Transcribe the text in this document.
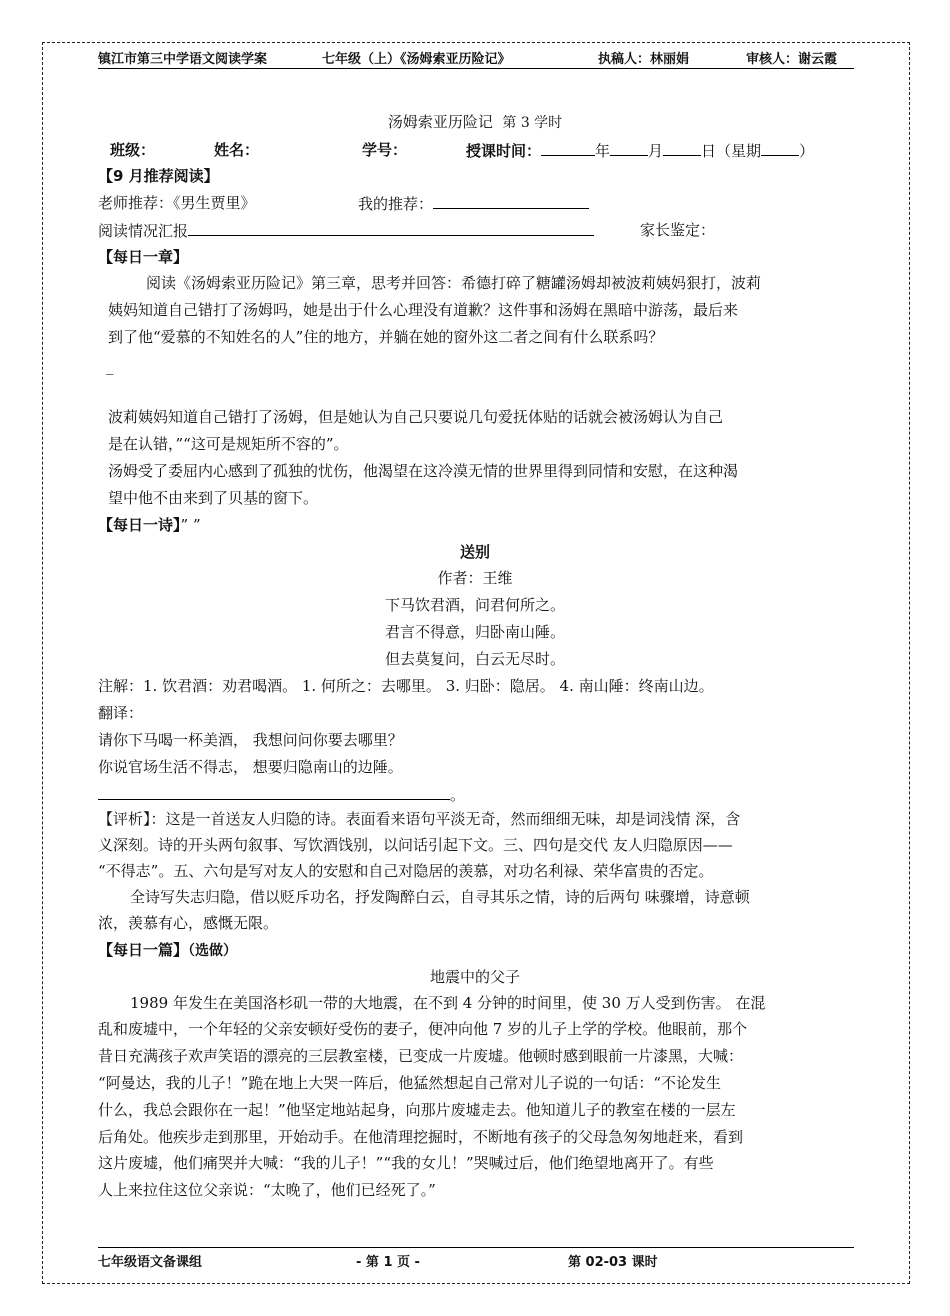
镇江市第三中学语文阅读学案	七年级（上）《汤姆索亚历险记》	执稿人：林丽娟	审核人：谢云霞
汤姆索亚历险记 第 3 学时
班级：	姓名：	学号：	授课时间：	年	月	日（星期	）
【9 月推荐阅读】
老师推荐：《男生贾里》	我的推荐：
阅读情况汇报	家长鉴定：
【每日一章】
阅读《汤姆索亚历险记》第三章，思考并回答：希德打碎了糖罐汤姆却被波莉姨妈狠打，波莉
姨妈知道自己错打了汤姆吗，她是出于什么心理没有道歉？这件事和汤姆在黑暗中游荡，最后来
到了他“爱慕的不知姓名的人”住的地方，并躺在她的窗外这二者之间有什么联系吗？
_
波莉姨妈知道自己错打了汤姆，但是她认为自己只要说几句爱抚体贴的话就会被汤姆认为自己
是在认错，”“这可是规矩所不容的”。
汤姆受了委屈内心感到了孤独的忧伤，他渴望在这冷漠无情的世界里得到同情和安慰，在这种渴
望中他不由来到了贝基的窗下。
【每日一诗】” ”
送别
作者：王维
下马饮君酒，问君何所之。
君言不得意，归卧南山陲。
但去莫复问，白云无尽时。
注解：1. 饮君酒：劝君喝酒。 1. 何所之：去哪里。 3. 归卧：隐居。 4. 南山陲：终南山边。
翻译：
请你下马喝一杯美酒， 我想问问你要去哪里？
你说官场生活不得志， 想要归隐南山的边陲。
。
【评析】：这是一首送友人归隐的诗。表面看来语句平淡无奇，然而细细无味，却是词浅情 深，含
义深刻。诗的开头两句叙事、写饮酒饯别，以问话引起下文。三、四句是交代 友人归隐原因——
“不得志”。五、六句是写对友人的安慰和自己对隐居的羡慕，对功名利禄、荣华富贵的否定。
全诗写失志归隐，借以贬斥功名，抒发陶醉白云，自寻其乐之情，诗的后两句 味骤增，诗意顿
浓，羡慕有心，感慨无限。
【每日一篇】（选做）
地震中的父子
1989 年发生在美国洛杉矶一带的大地震，在不到 4 分钟的时间里，使 30 万人受到伤害。 在混
乱和废墟中，一个年轻的父亲安顿好受伤的妻子，便冲向他 7 岁的儿子上学的学校。他眼前，那个
昔日充满孩子欢声笑语的漂亮的三层教室楼，已变成一片废墟。他顿时感到眼前一片漆黑，大喊：
“阿曼达，我的儿子！”跪在地上大哭一阵后，他猛然想起自己常对儿子说的一句话：“不论发生
什么，我总会跟你在一起！”他坚定地站起身，向那片废墟走去。他知道儿子的教室在楼的一层左
后角处。他疾步走到那里，开始动手。在他清理挖掘时，不断地有孩子的父母急匆匆地赶来，看到
这片废墟，他们痛哭并大喊：“我的儿子！”“我的女儿！”哭喊过后，他们绝望地离开了。有些
人上来拉住这位父亲说：“太晚了，他们已经死了。”
七年级语文备课组	- 第 1 页 -	第 02-03 课时
